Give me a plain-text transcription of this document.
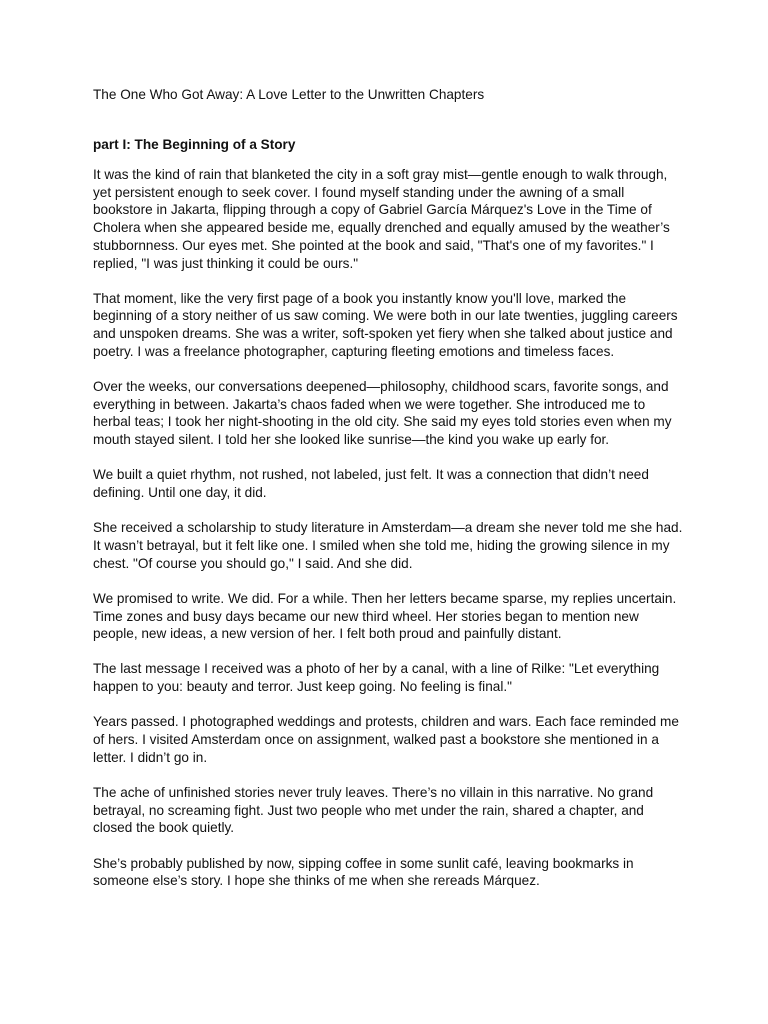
The One Who Got Away: A Love Letter to the Unwritten Chapters

part I: The Beginning of a Story

It was the kind of rain that blanketed the city in a soft gray mist—gentle enough to walk through, yet persistent enough to seek cover. I found myself standing under the awning of a small bookstore in Jakarta, flipping through a copy of Gabriel García Márquez's Love in the Time of Cholera when she appeared beside me, equally drenched and equally amused by the weather’s stubbornness. Our eyes met. She pointed at the book and said, "That's one of my favorites." I replied, "I was just thinking it could be ours."

That moment, like the very first page of a book you instantly know you'll love, marked the beginning of a story neither of us saw coming. We were both in our late twenties, juggling careers and unspoken dreams. She was a writer, soft-spoken yet fiery when she talked about justice and poetry. I was a freelance photographer, capturing fleeting emotions and timeless faces.

Over the weeks, our conversations deepened—philosophy, childhood scars, favorite songs, and everything in between. Jakarta’s chaos faded when we were together. She introduced me to herbal teas; I took her night-shooting in the old city. She said my eyes told stories even when my mouth stayed silent. I told her she looked like sunrise—the kind you wake up early for.

We built a quiet rhythm, not rushed, not labeled, just felt. It was a connection that didn’t need defining. Until one day, it did.

She received a scholarship to study literature in Amsterdam—a dream she never told me she had. It wasn’t betrayal, but it felt like one. I smiled when she told me, hiding the growing silence in my chest. "Of course you should go," I said. And she did.

We promised to write. We did. For a while. Then her letters became sparse, my replies uncertain. Time zones and busy days became our new third wheel. Her stories began to mention new people, new ideas, a new version of her. I felt both proud and painfully distant.

The last message I received was a photo of her by a canal, with a line of Rilke: "Let everything happen to you: beauty and terror. Just keep going. No feeling is final."

Years passed. I photographed weddings and protests, children and wars. Each face reminded me of hers. I visited Amsterdam once on assignment, walked past a bookstore she mentioned in a letter. I didn’t go in.

The ache of unfinished stories never truly leaves. There’s no villain in this narrative. No grand betrayal, no screaming fight. Just two people who met under the rain, shared a chapter, and closed the book quietly.

She’s probably published by now, sipping coffee in some sunlit café, leaving bookmarks in someone else’s story. I hope she thinks of me when she rereads Márquez.
